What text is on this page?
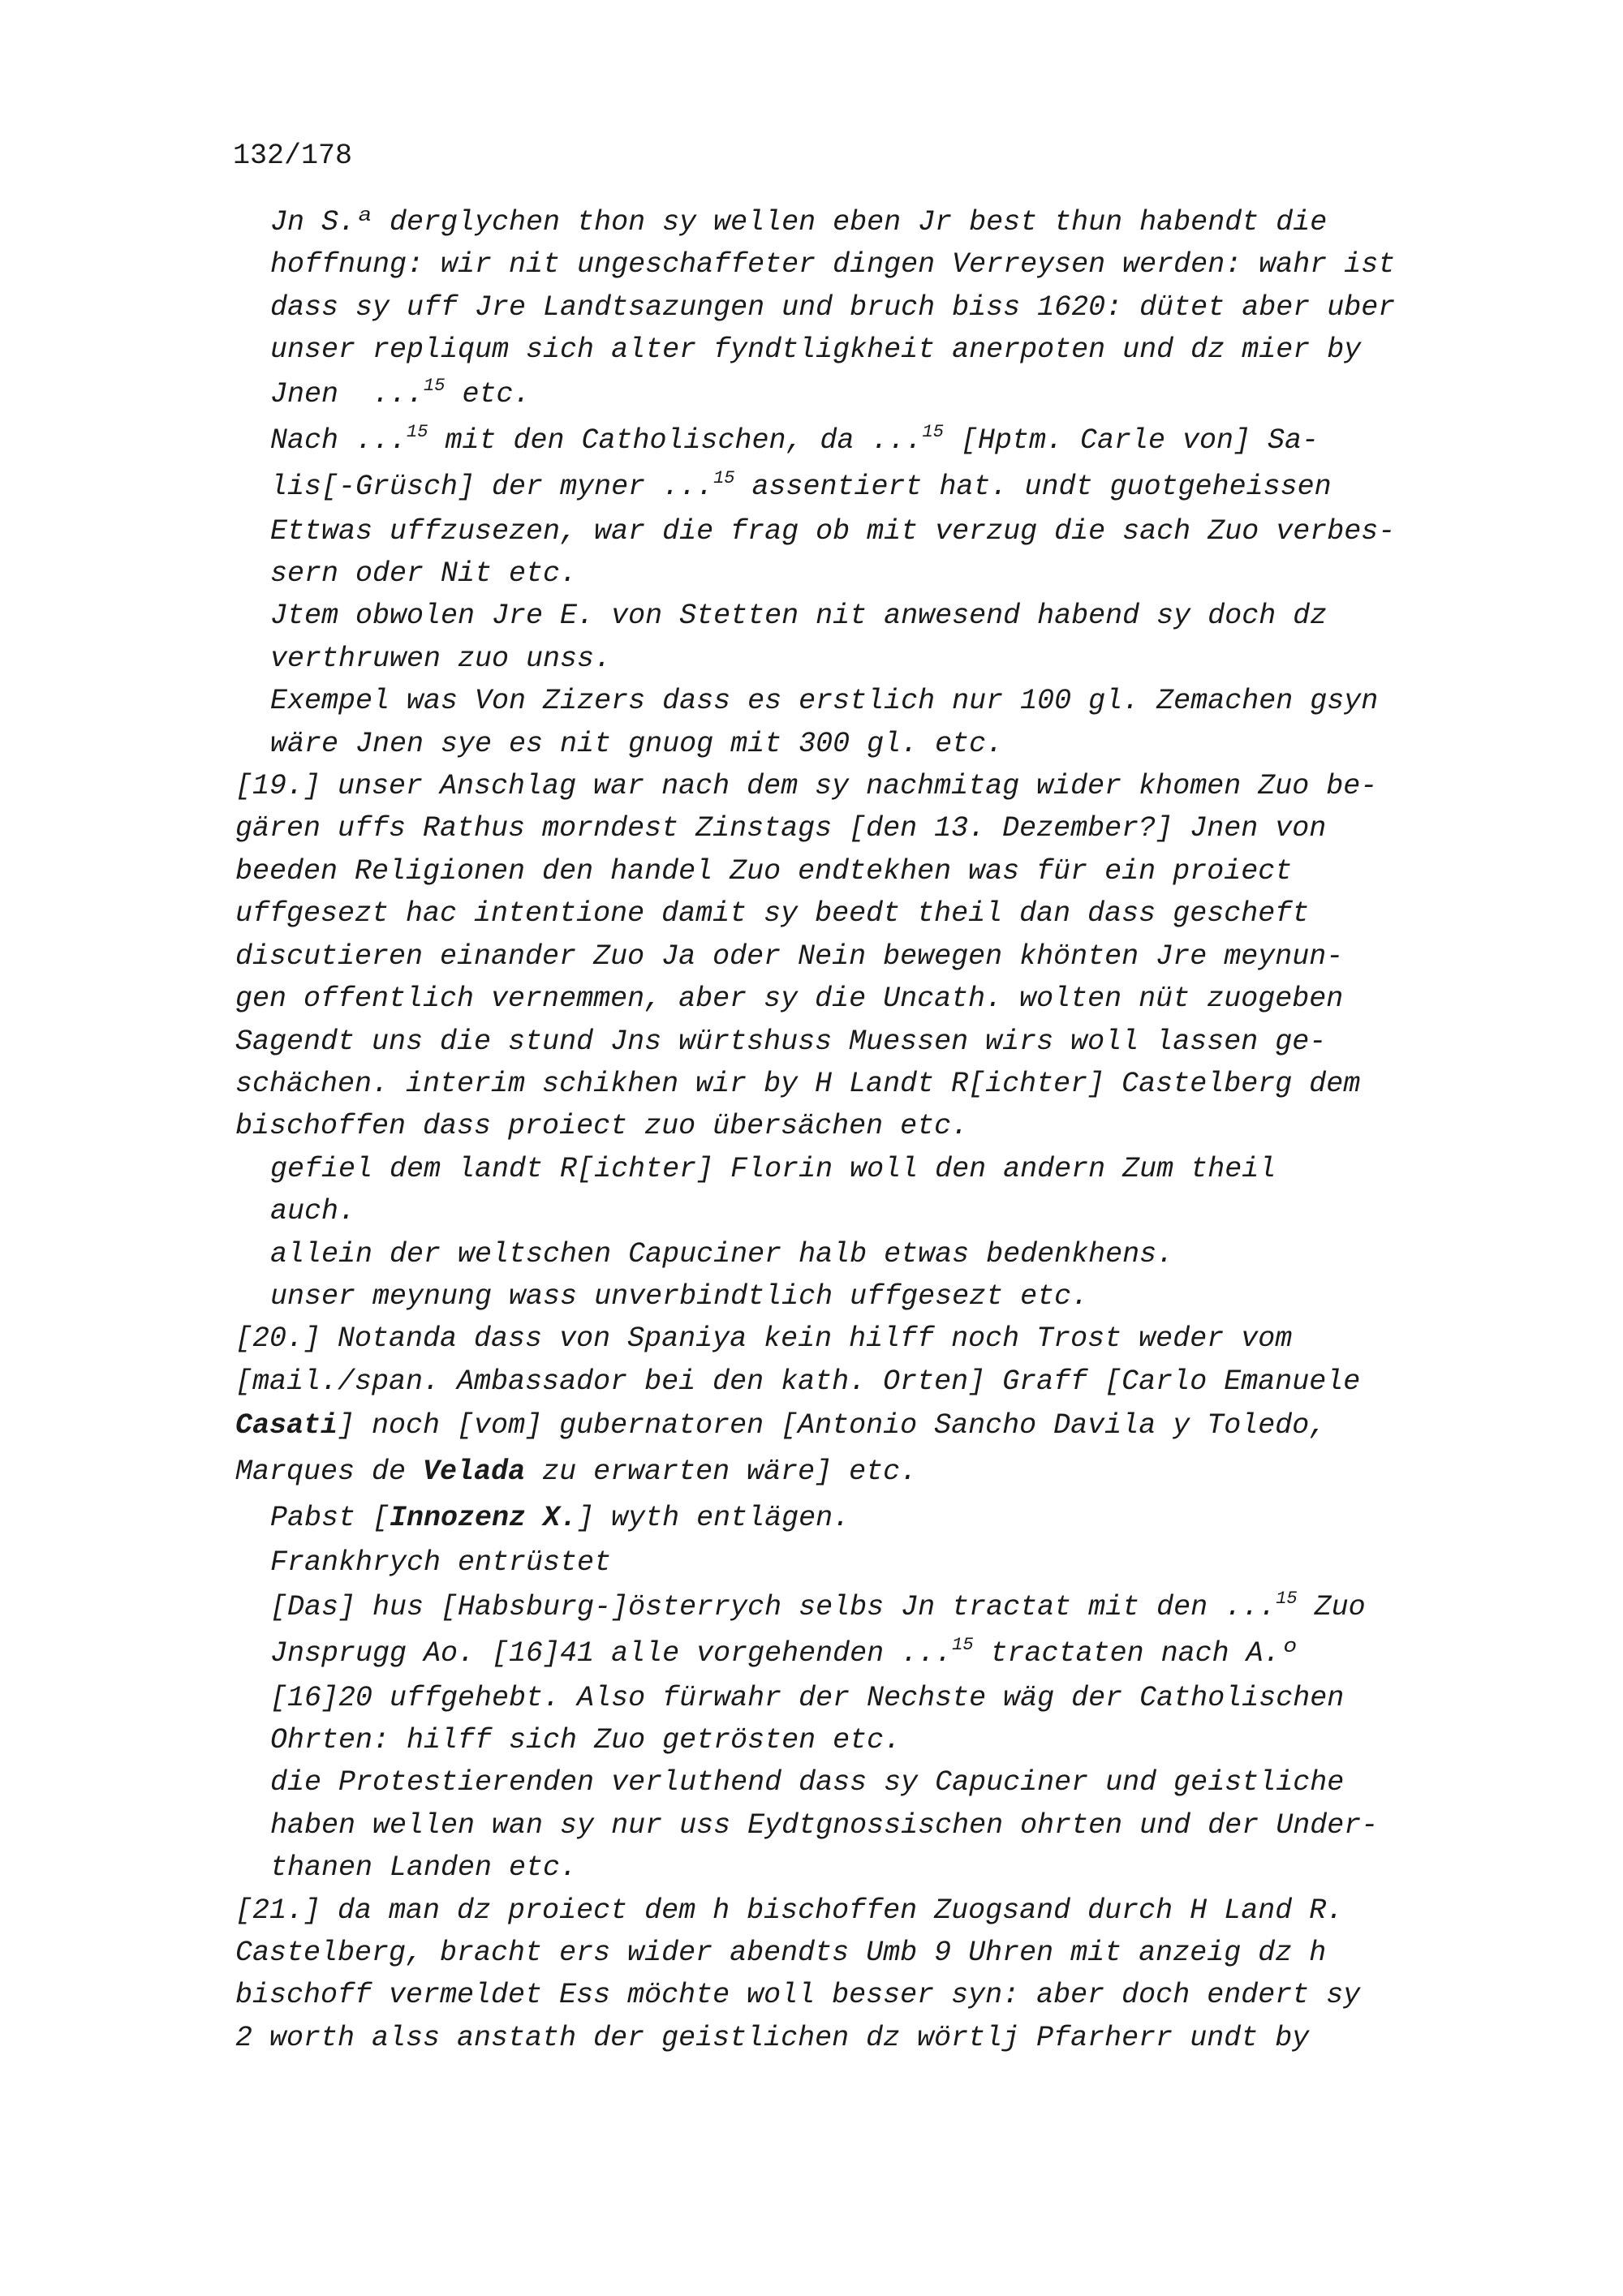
132/178
Jn S.ª derglychen thon sy wellen eben Jr best thun habendt die
hoffnung: wir nit ungeschaffeter dingen Verreysen werden: wahr ist
dass sy uff Jre Landtsazungen und bruch biss 1620: dütet aber uber
unser repliqum sich alter fyndtligkheit anerpoten und dz mier by
Jnen  ...$^{15}$ etc.
Nach ...$^{15}$ mit den Catholischen, da ...$^{15}$ [Hptm. Carle von] Sa-
lis[-Grüsch] der myner ...$^{15}$ assentiert hat. undt guotgeheissen
Ettwas uffzusezen, war die frag ob mit verzug die sach Zuo verbes-
sern oder Nit etc.
Jtem obwolen Jre E. von Stetten nit anwesend habend sy doch dz
verthruwen zuo unss.
Exempel was Von Zizers dass es erstlich nur 100 gl. Zemachen gsyn
wäre Jnen sye es nit gnuog mit 300 gl. etc.
[19.] unser Anschlag war nach dem sy nachmitag wider khomen Zuo be-
gären uffs Rathus morndest Zinstags [den 13. Dezember?] Jnen von
beeden Religionen den handel Zuo endtekhen was für ein proiect
uffgesezt hac intentione damit sy beedt theil dan dass gescheft
discutieren einander Zuo Ja oder Nein bewegen khönten Jre meynun-
gen offentlich vernemmen, aber sy die Uncath. wolten nüt zuogeben
Sagendt uns die stund Jns würtshuss Muessen wirs woll lassen ge-
schächen. interim schikhen wir by H Landt R[ichter] Castelberg dem
bischoffen dass proiect zuo übersächen etc.
gefiel dem landt R[ichter] Florin woll den andern Zum theil
auch.
allein der weltschen Capuciner halb etwas bedenkhens.
unser meynung wass unverbindtlich uffgesezt etc.
[20.] Notanda dass von Spaniya kein hilff noch Trost weder vom
[mail./span. Ambassador bei den kath. Orten] Graff [Carlo Emanuele
Casati] noch [vom] gubernatoren [Antonio Sancho Davila y Toledo,
Marques de Velada zu erwarten wäre] etc.
Pabst [Innozenz X.] wyth entlägen.
Frankhrych entrüstet
[Das] hus [Habsburg-]österrych selbs Jn tractat mit den ...$^{15}$ Zuo
Jnsprugg Ao. [16]41 alle vorgehenden ...$^{15}$ tractaten nach A.º
[16]20 uffgehebt. Also fürwahr der Nechste wäg der Catholischen
Ohrten: hilff sich Zuo getrösten etc.
die Protestierenden verluthend dass sy Capuciner und geistliche
haben wellen wan sy nur uss Eydtgnossischen ohrten und der Under-
thanen Landen etc.
[21.] da man dz proiect dem h bischoffen Zuogsand durch H Land R.
Castelberg, bracht ers wider abendts Umb 9 Uhren mit anzeig dz h
bischoff vermeldet Ess möchte woll besser syn: aber doch endert sy
2 worth alss anstath der geistlichen dz wörtlj Pfarherr undt by
